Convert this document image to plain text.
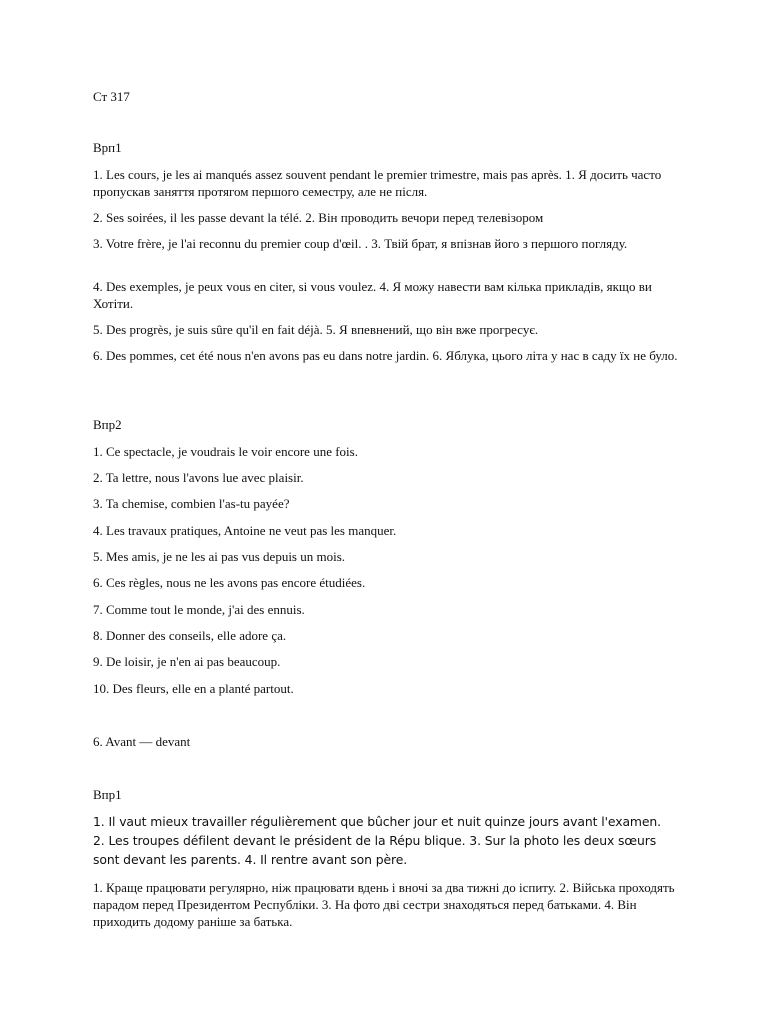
Ст 317
Врп1
1. Les cours, je les ai manqués assez souvent pendant le premier trimestre, mais pas après. 1. Я досить часто пропускав заняття протягом першого семестру, але не після.
2. Ses soirées, il les passe devant la télé. 2. Він проводить вечори перед телевізором
3. Votre frère, je l'ai reconnu du premier coup d'œil. . 3. Твій брат, я впізнав його з першого погляду.
4. Des exemples, je peux vous en citer, si vous voulez. 4. Я можу навести вам кілька прикладів, якщо ви Хотіти.
5. Des progrès, je suis sûre qu'il en fait déjà. 5. Я впевнений, що він вже прогресує.
6. Des pommes, cet été nous n'en avons pas eu dans notre jardin. 6. Яблука, цього літа у нас в саду їх не було.
Впр2
1. Ce spectacle, je voudrais le voir encore une fois.
2. Ta lettre, nous l'avons lue avec plaisir.
3. Ta chemise, combien l'as-tu payée?
4. Les travaux pratiques, Antoine ne veut pas les manquer.
5. Mes amis, je ne les ai pas vus depuis un mois.
6. Ces règles, nous ne les avons pas encore étudiées.
7. Comme tout le monde, j'ai des ennuis.
8. Donner des conseils, elle adore ça.
9. De loisir, je n'en ai pas beaucoup.
10. Des fleurs, elle en a planté partout.
6. Avant — devant
Впр1
1. Il vaut mieux travailler régulièrement que bûcher jour et nuit quinze jours avant l'examen.
2. Les troupes défilent devant le président de la Répu blique. 3. Sur la photo les deux sœurs
sont devant les parents. 4. Il rentre avant son père.
1. Краще працювати регулярно, ніж працювати вдень і вночі за два тижні до іспиту. 2. Війська проходять парадом перед Президентом Республіки. 3. На фото дві сестри знаходяться перед батьками. 4. Він приходить додому раніше за батька.
